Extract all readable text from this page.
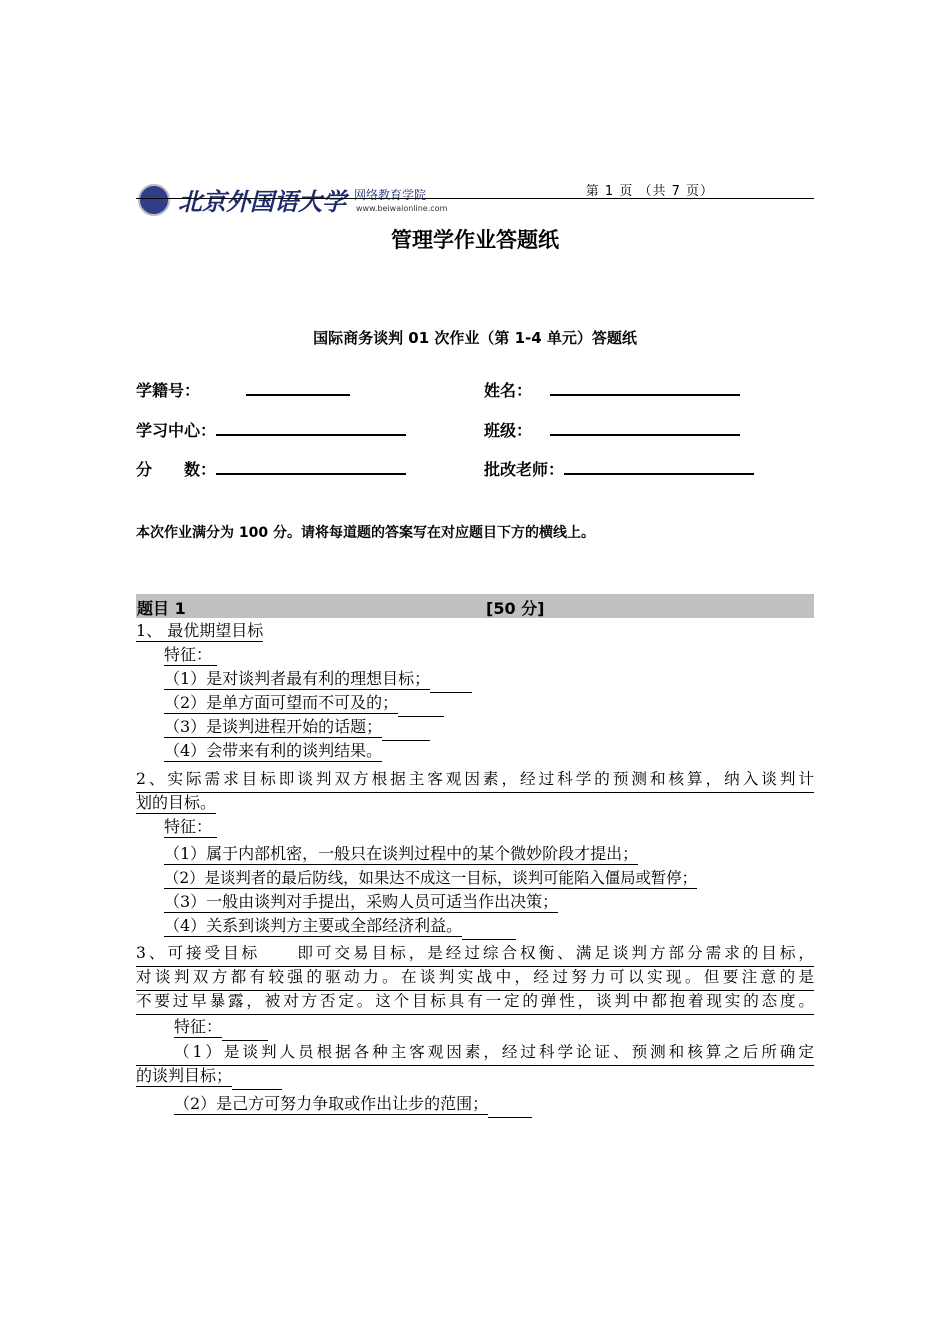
北京外国语大学 网络教育学院
www.beiwaionline.com
第 1 页 （共 7 页）
管理学作业答题纸
国际商务谈判 01 次作业（第 1-4 单元）答题纸
学籍号：	姓名：
学习中心：	班级：
分　　数：	批改老师：
本次作业满分为 100 分。请将每道题的答案写在对应题目下方的横线上。
题目 1	[50 分]
1、 最优期望目标
特征：
（1）是对谈判者最有利的理想目标；
（2）是单方面可望而不可及的；
（3）是谈判进程开始的话题；
（4）会带来有利的谈判结果。
2、实际需求目标即谈判双方根据主客观因素，经过科学的预测和核算，纳入谈判计
划的目标。
特征：
（1）属于内部机密，一般只在谈判过程中的某个微妙阶段才提出；
（2）是谈判者的最后防线，如果达不成这一目标，谈判可能陷入僵局或暂停；
（3）一般由谈判对手提出，采购人员可适当作出决策；
（4）关系到谈判方主要或全部经济利益。
3、可接受目标　　即可交易目标，是经过综合权衡、满足谈判方部分需求的目标，
对谈判双方都有较强的驱动力。在谈判实战中，经过努力可以实现。但要注意的是
不要过早暴露，被对方否定。这个目标具有一定的弹性，谈判中都抱着现实的态度。
特征：
（1）是谈判人员根据各种主客观因素，经过科学论证、预测和核算之后所确定
的谈判目标；
（2）是己方可努力争取或作出让步的范围；
